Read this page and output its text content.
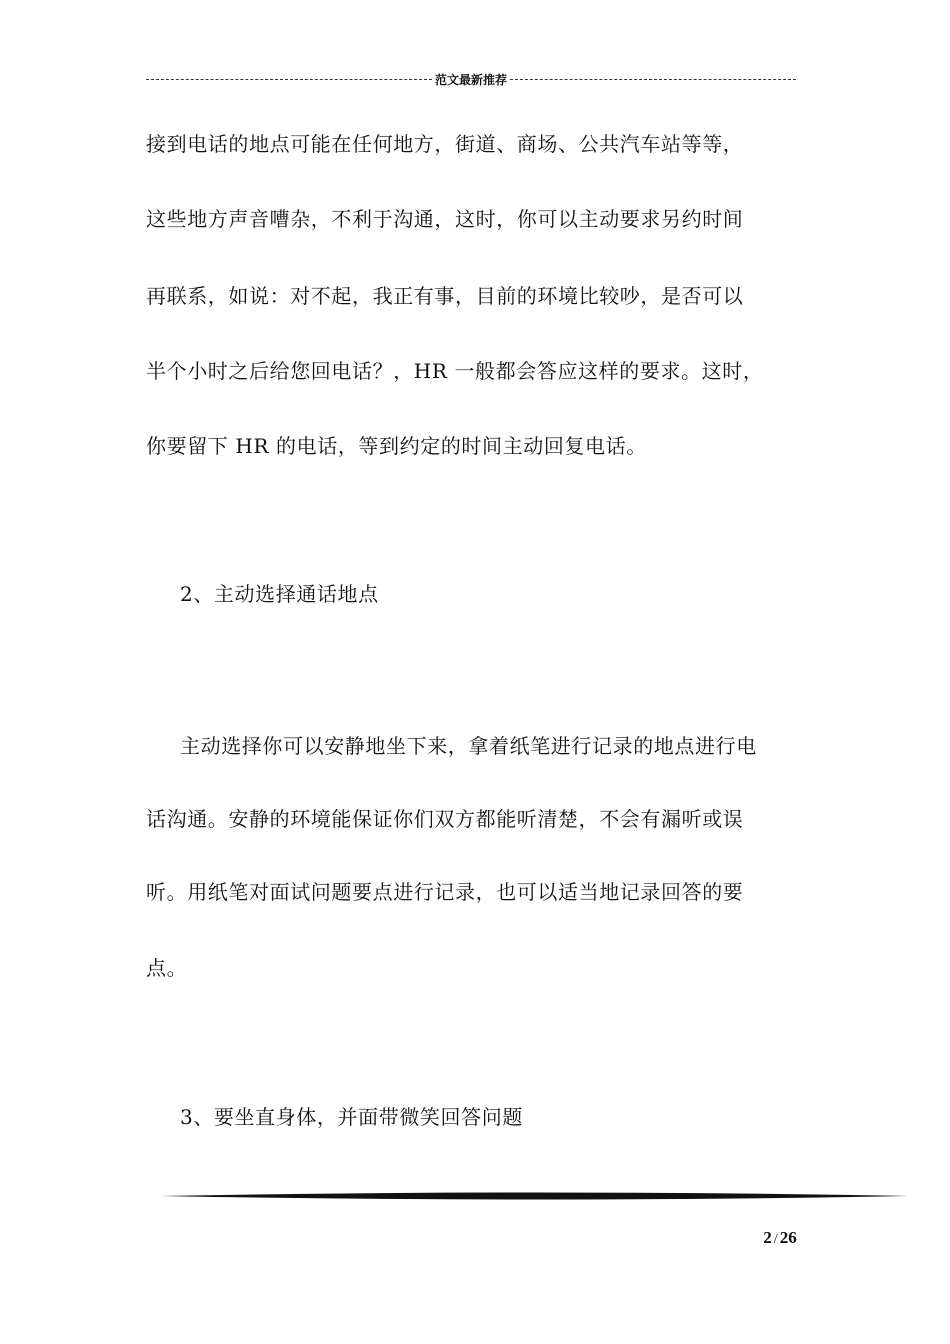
范文最新推荐
接到电话的地点可能在任何地方，街道、商场、公共汽车站等等，
这些地方声音嘈杂，不利于沟通，这时，你可以主动要求另约时间
再联系，如说：对不起，我正有事，目前的环境比较吵，是否可以
半个小时之后给您回电话？，HR 一般都会答应这样的要求。这时，
你要留下 HR 的电话，等到约定的时间主动回复电话。
2、主动选择通话地点
主动选择你可以安静地坐下来，拿着纸笔进行记录的地点进行电
话沟通。安静的环境能保证你们双方都能听清楚，不会有漏听或误
听。用纸笔对面试问题要点进行记录，也可以适当地记录回答的要
点。
3、要坐直身体，并面带微笑回答问题
2 / 26
